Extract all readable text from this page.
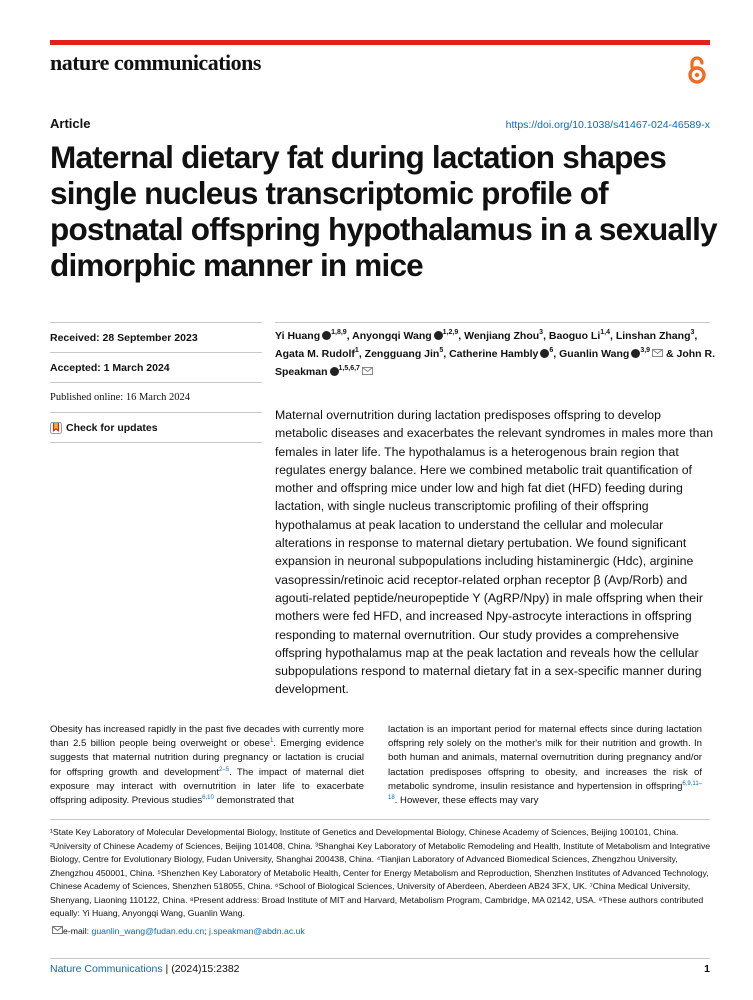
nature communications
Article	https://doi.org/10.1038/s41467-024-46589-x
Maternal dietary fat during lactation shapes single nucleus transcriptomic profile of postnatal offspring hypothalamus in a sexually dimorphic manner in mice
Received: 28 September 2023
Accepted: 1 March 2024
Published online: 16 March 2024
Check for updates
Yi Huang $^{1,8,9}$, Anyongqi Wang $^{1,2,9}$, Wenjiang Zhou$^3$, Baoguo Li$^{1,4}$, Linshan Zhang$^3$, Agata M. Rudolf$^1$, Zengguang Jin$^5$, Catherine Hambly $^6$, Guanlin Wang $^{3,9}$ & John R. Speakman $^{1,5,6,7}$

Maternal overnutrition during lactation predisposes offspring to develop metabolic diseases and exacerbates the relevant syndromes in males more than females in later life. The hypothalamus is a heterogenous brain region that regulates energy balance. Here we combined metabolic trait quantification of mother and offspring mice under low and high fat diet (HFD) feeding during lactation, with single nucleus transcriptomic profiling of their offspring hypothalamus at peak lacation to understand the cellular and molecular alterations in response to maternal dietary pertubation. We found significant expansion in neuronal subpopulations including histaminergic (Hdc), arginine vasopressin/retinoic acid receptor-related orphan receptor β (Avp/Rorb) and agouti-related peptide/neuropeptide Y (AgRP/Npy) in male offspring when their mothers were fed HFD, and increased Npy-astrocyte interactions in offspring responding to maternal overnutrition. Our study provides a comprehensive offspring hypothalamus map at the peak lactation and reveals how the cellular subpopulations respond to maternal dietary fat in a sex-specific manner during development.

Obesity has increased rapidly in the past five decades with currently more than 2.5 billion people being overweight or obese$^1$. Emerging evidence suggests that maternal nutrition during pregnancy or lactation is crucial for offspring growth and development$^{2-5}$. The impact of maternal diet exposure may interact with overnutrition in later life to exacerbate offspring adiposity. Previous studies$^{6,10}$ demonstrated that

lactation is an important period for maternal effects since during lactation offspring rely solely on the mother's milk for their nutrition and growth. In both human and animals, maternal overnutrition during pregnancy and/or lactation predisposes offspring to obesity, and increases the risk of metabolic syndrome, insulin resistance and hypertension in offspring$^{6,9,11-18}$. However, these effects may vary

¹State Key Laboratory of Molecular Developmental Biology, Institute of Genetics and Developmental Biology, Chinese Academy of Sciences, Beijing 100101, China. ²University of Chinese Academy of Sciences, Beijing 101408, China. ³Shanghai Key Laboratory of Metabolic Remodeling and Health, Institute of Metabolism and Integrative Biology, Centre for Evolutionary Biology, Fudan University, Shanghai 200438, China. ⁴Tianjian Laboratory of Advanced Biomedical Sciences, Zhengzhou University, Zhengzhou 450001, China. ⁵Shenzhen Key Laboratory of Metabolic Health, Center for Energy Metabolism and Reproduction, Shenzhen Institutes of Advanced Technology, Chinese Academy of Sciences, Shenzhen 518055, China. ⁶School of Biological Sciences, University of Aberdeen, Aberdeen AB24 3FX, UK. ⁷China Medical University, Shenyang, Liaoning 110122, China. ⁸Present address: Broad Institute of MIT and Harvard, Metabolism Program, Cambridge, MA 02142, USA. ⁹These authors contributed equally: Yi Huang, Anyongqi Wang, Guanlin Wang.

e-mail: guanlin_wang@fudan.edu.cn; j.speakman@abdn.ac.uk
Nature Communications | (2024)15:2382	1
